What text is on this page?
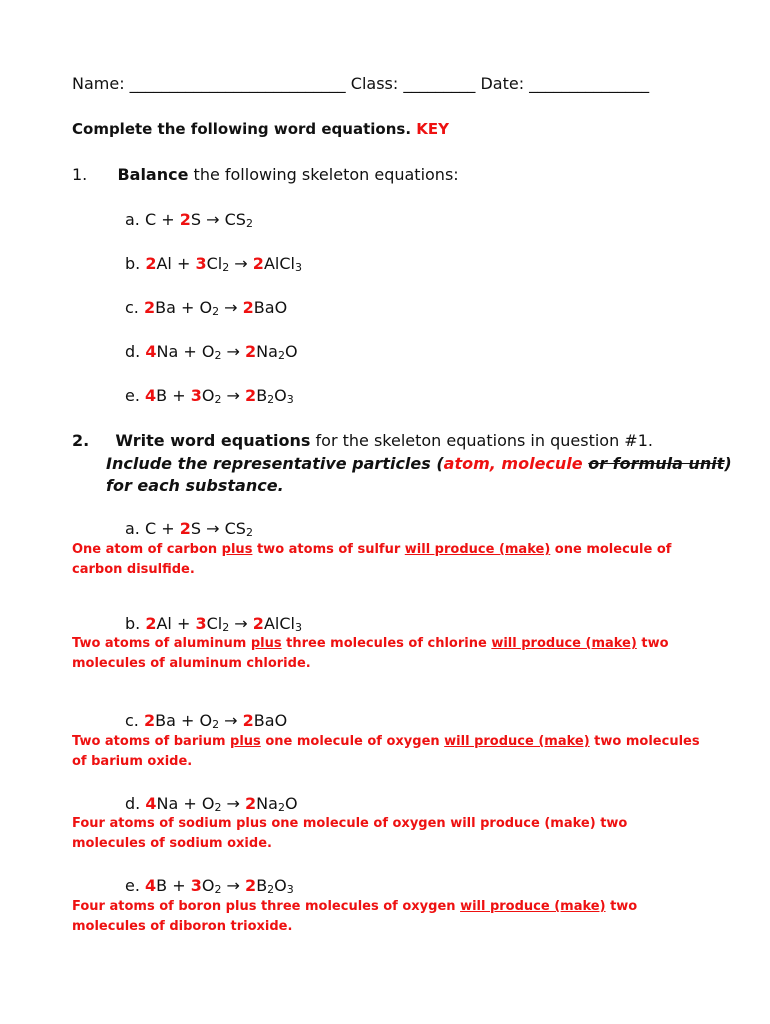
Name: ___________________________ Class: _________ Date: _______________
Complete the following word equations. KEY
1. Balance the following skeleton equations:
a. $C + 2S \to CS_2$
b. $2Al + 3Cl_2$ → 2AlCl$_3$
c. $2Ba + O_2 \to 2BaO$
d. $4Na + O_2 \to 2Na_2O$
e. $4B + 3O_2 \to 2B_2O_3$
2. Write word equations for the skeleton equations in question #1.
Include the representative particles (atom, molecule or formula unit)
for each substance.
a. $C + 2S \to CS_2$
One atom of carbon plus two atoms of sulfur will produce (make) one molecule of carbon disulfide.
b. $2Al + 3Cl_2$ → 2AlCl$_3$
Two atoms of aluminum plus three molecules of chlorine will produce (make) two molecules of aluminum chloride.
c. $2Ba + O_2 \to 2BaO$
Two atoms of barium plus one molecule of oxygen will produce (make) two molecules of barium oxide.
d. $4Na + O_2 \to 2Na_2O$
Four atoms of sodium plus one molecule of oxygen will produce (make) two molecules of sodium oxide.
e. $4B + 3O_2 \to 2B_2O_3$
Four atoms of boron plus three molecules of oxygen will produce (make) two molecules of diboron trioxide.
